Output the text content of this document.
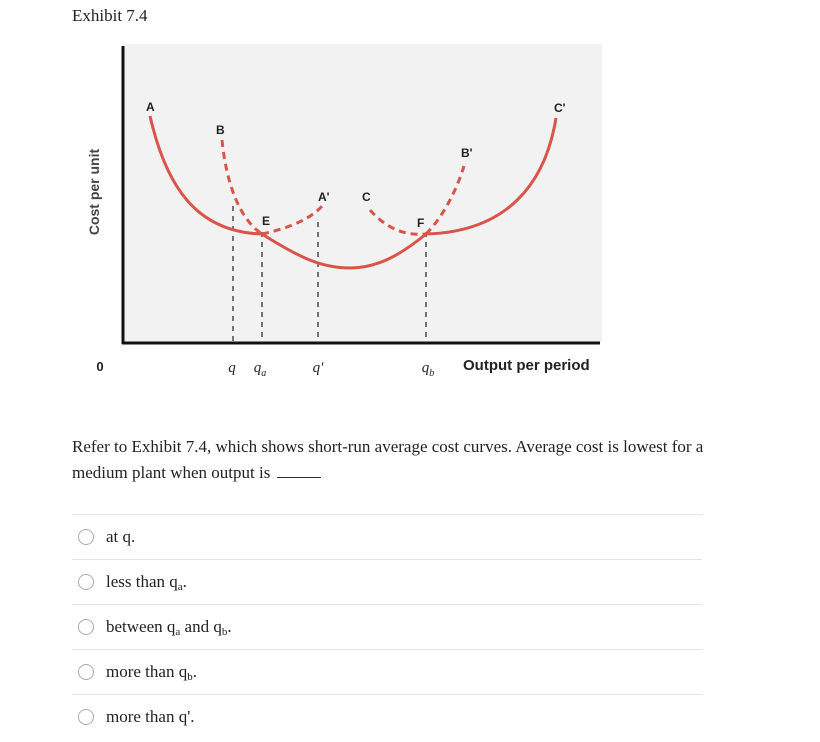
Exhibit 7.4
Cost per unit
0	Output per period
q $q_a$	q'	$q_b$
A
B
E
A'	C
F
B'
C'
Refer to Exhibit 7.4, which shows short-run average cost curves. Average cost is lowest for a medium plant when output is
at q.
less than $q_a$.
between $q_a$ and $q_b$.
more than $q_b$.
more than q'.
